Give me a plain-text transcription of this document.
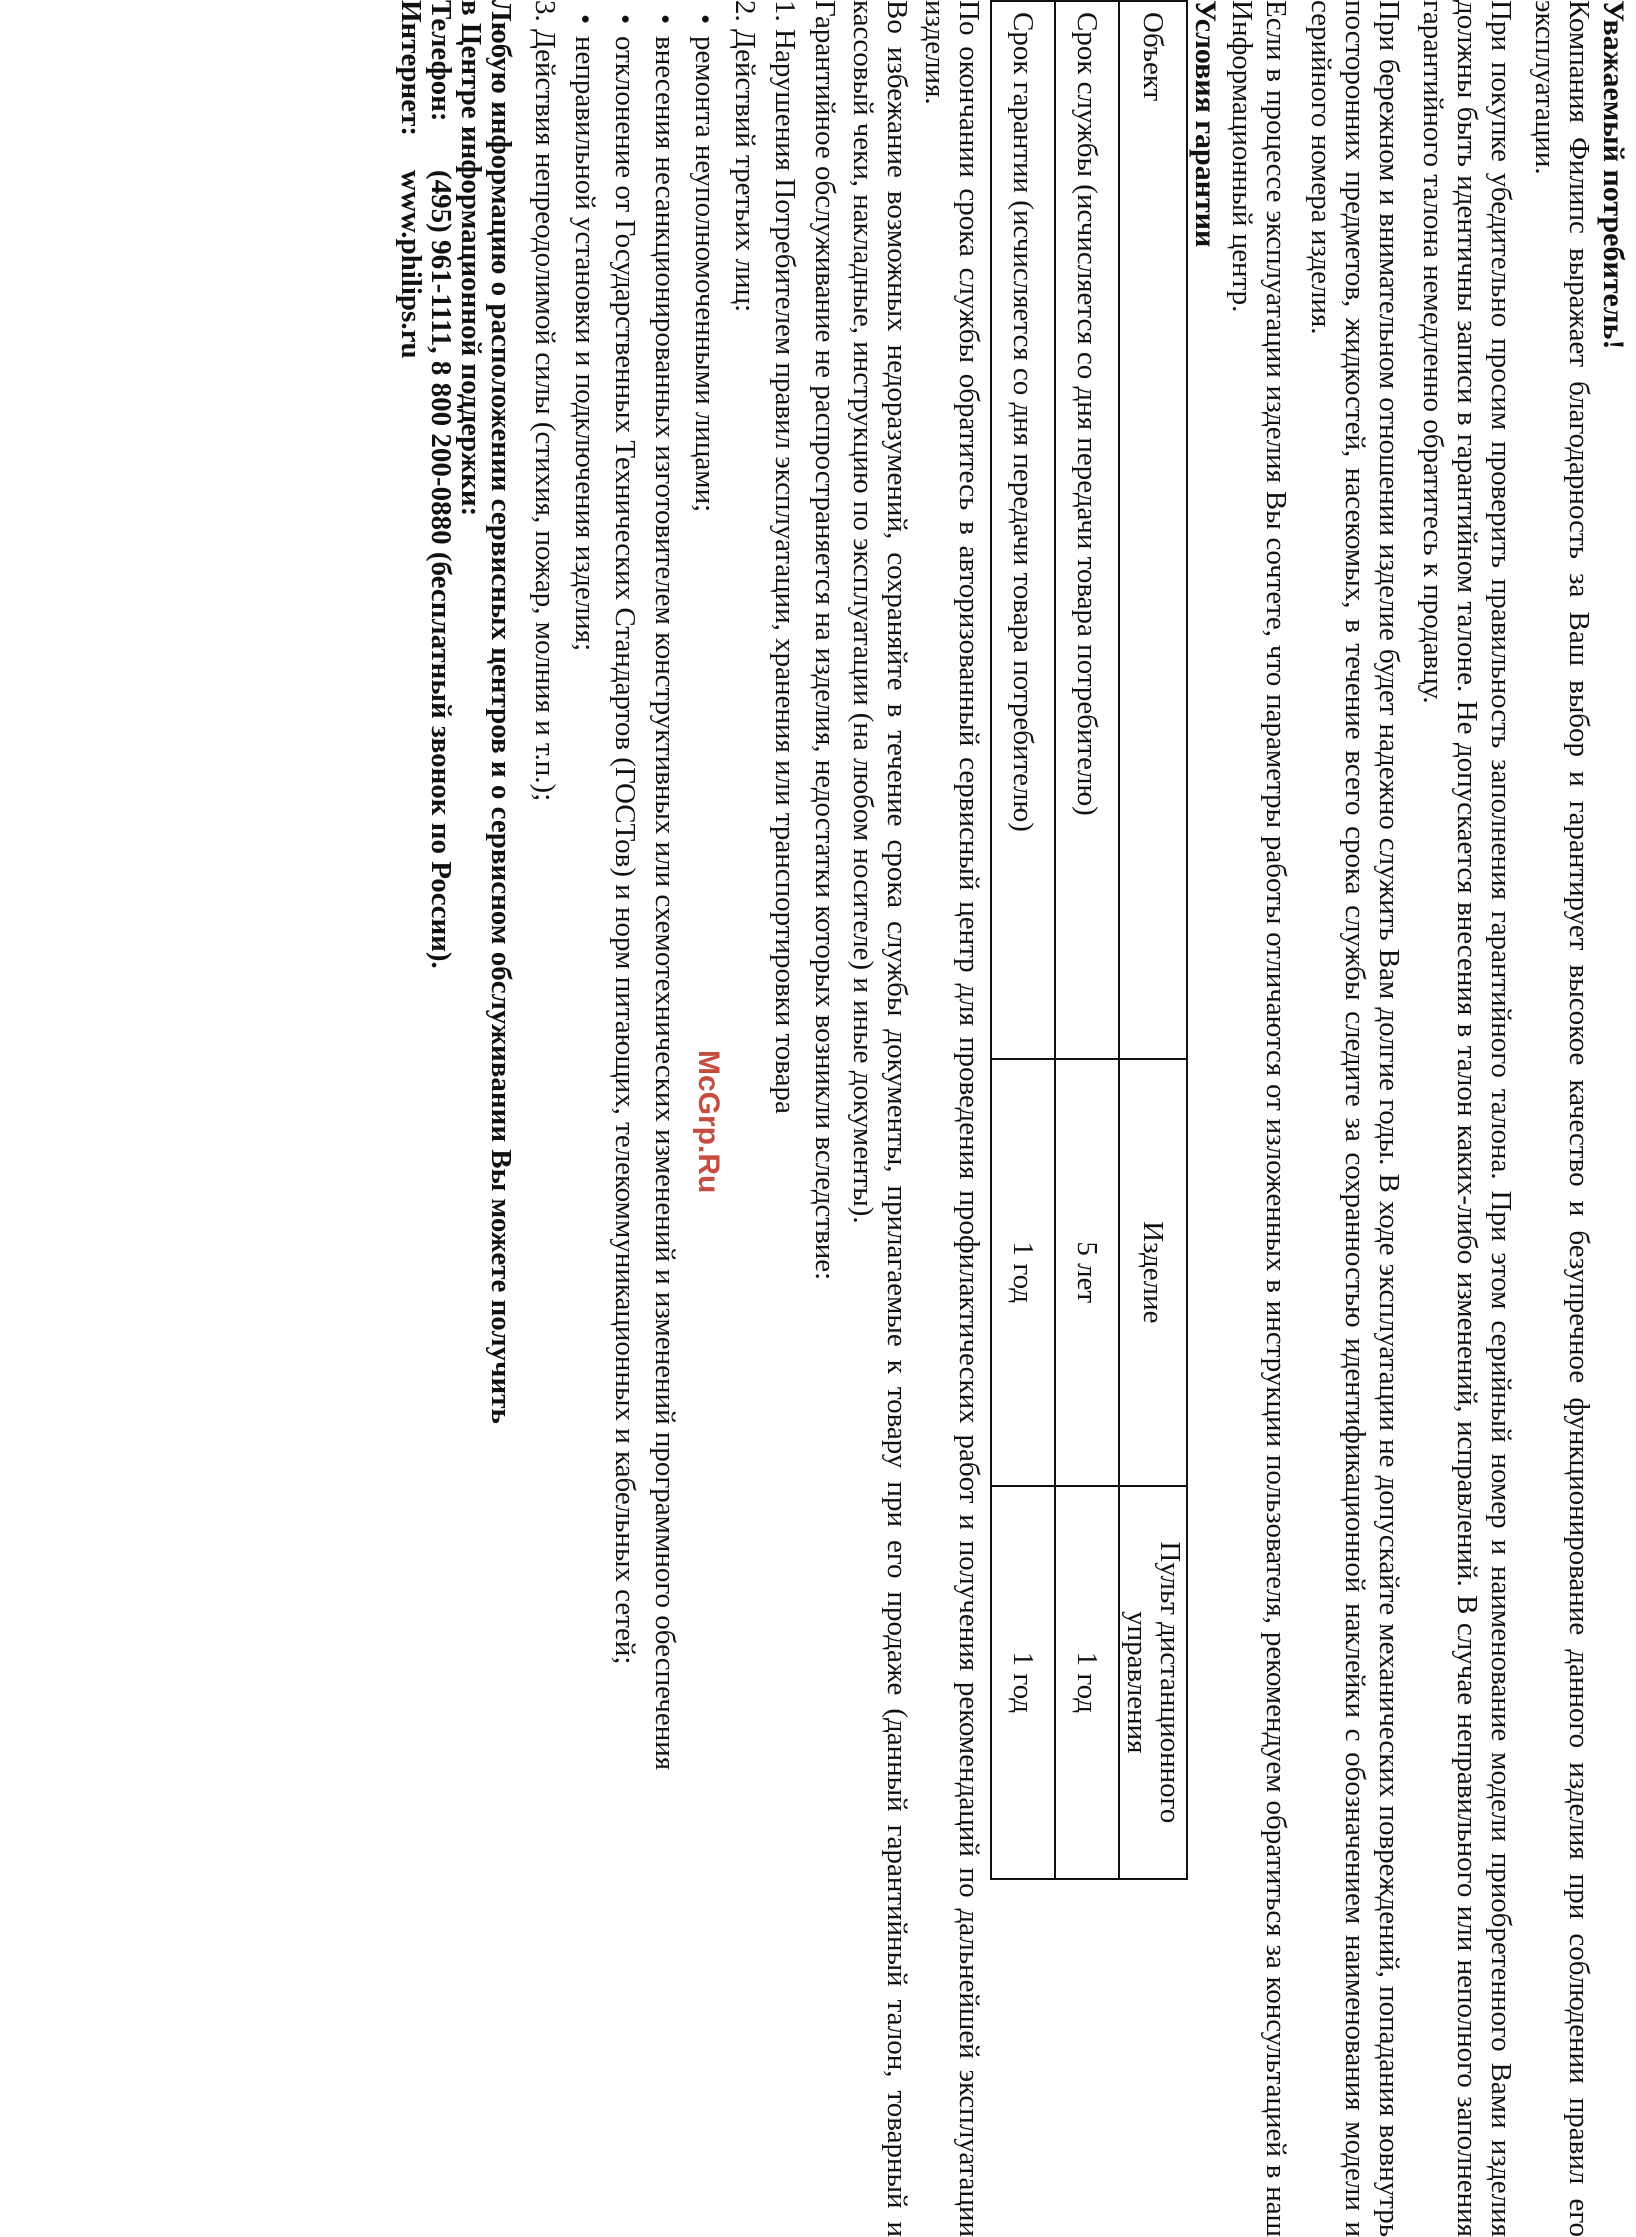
Уважаемый потребитель!

Компания Филипс выражает благодарность за Ваш выбор и гарантирует высокое качество и безупречное функционирование данного изделия при соблюдении правил его эксплуатации.

При покупке убедительно просим проверить правильность заполнения гарантийного талона. При этом серийный номер и наименование модели приобретенного Вами изделия должны быть идентичны записи в гарантийном талоне. Не допускается внесения в талон каких-либо изменений, исправлений. В случае неправильного или неполного заполнения гарантийного талона немедленно обратитесь к продавцу.

При бережном и внимательном отношении изделие будет надежно служить Вам долгие годы. В ходе эксплуатации не допускайте механических повреждений, попадания вовнутрь посторонних предметов, жидкостей, насекомых, в течение всего срока службы следите за сохранностью идентификационной наклейки с обозначением наименования модели и серийного номера изделия.

Если в процессе эксплуатации изделия Вы сочтете, что параметры работы отличаются от изложенных в инструкции пользователя, рекомендуем обратиться за консультацией в наш Информационный центр.

Условия гарантии

Объект	Изделие	Пульт дистанционного управления
Срок службы (исчисляется со дня передачи товара потребителю)	5 лет	1 год
Срок гарантии (исчисляется со дня передачи товара потребителю)	1 год	1 год

По окончании срока службы обратитесь в авторизованный сервисный центр для проведения профилактических работ и получения рекомендаций по дальнейшей эксплуатации изделия.

Во избежание возможных недоразумений, сохраняйте в течение срока службы документы, прилагаемые к товару при его продаже (данный гарантийный талон, товарный и кассовый чеки, накладные, инструкцию по эксплуатации (на любом носителе) и иные документы).

Гарантийное обслуживание не распространяется на изделия, недостатки которых возникли вследствие:

1. Нарушения Потребителем правил эксплуатации, хранения или транспортировки товара

2. Действий третьих лиц:

•ремонта неуполномоченными лицами;

•внесения несанкционированных изготовителем конструктивных или схемотехнических изменений и изменений программного обеспечения

•отклонение от Государственных Технических Стандартов (ГОСТов) и норм питающих, телекоммуникационных и кабельных сетей;

•неправильной установки и подключения изделия;

3. Действия непреодолимой силы (стихия, пожар, молния и т.п.);

Любую информацию о расположении сервисных центров и о сервисном обслуживании Вы можете получить

в Центре информационной поддержки:

Телефон:(495) 961-1111, 8 800 200-0880 (бесплатный звонок по России).

Интернет:www.philips.ru

McGrp.Ru
